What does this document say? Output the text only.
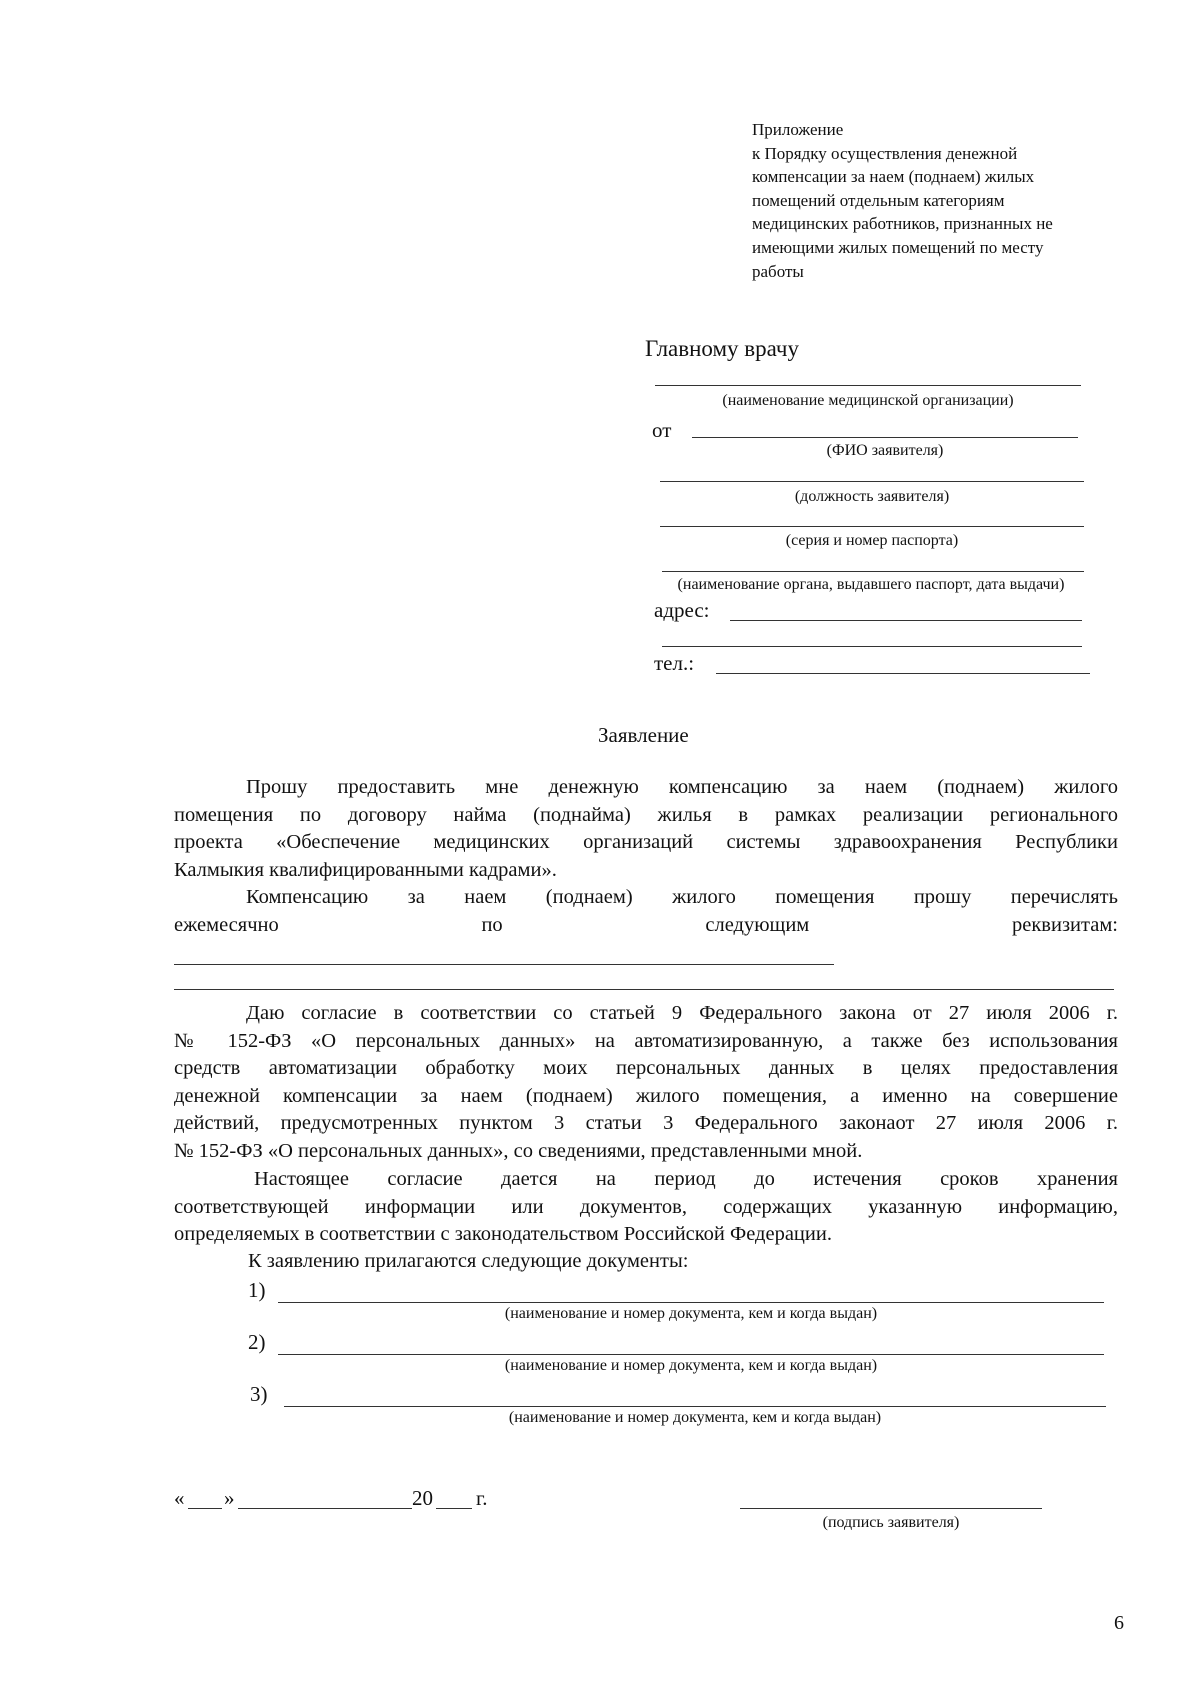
Приложение
к Порядку осуществления денежной
компенсации за наем (поднаем) жилых
помещений отдельным категориям
медицинских работников, признанных не
имеющими жилых помещений по месту
работы
Главному врачу
(наименование медицинской организации)
от
(ФИО заявителя)
(должность заявителя)
(серия и номер паспорта)
(наименование органа, выдавшего паспорт, дата выдачи)
адрес:
тел.:
Заявление
Прошу предоставить мне денежную компенсацию за наем (поднаем) жилого
помещения по договору найма (поднайма) жилья в рамках реализации регионального
проекта «Обеспечение медицинских организаций системы здравоохранения Республики
Калмыкия квалифицированными кадрами».
Компенсацию за наем (поднаем) жилого помещения прошу перечислять
ежемесячно по следующим реквизитам:
Даю согласие в соответствии со статьей 9 Федерального закона от 27 июля 2006 г.
№ 152-ФЗ «О персональных данных» на автоматизированную, а также без использования
средств автоматизации обработку моих персональных данных в целях предоставления
денежной компенсации за наем (поднаем) жилого помещения, а именно на совершение
действий, предусмотренных пунктом 3 статьи 3 Федерального законаот 27 июля 2006 г.
№ 152-ФЗ «О персональных данных», со сведениями, представленными мной.
Настоящее согласие дается на период до истечения сроков хранения
соответствующей информации или документов, содержащих указанную информацию,
определяемых в соответствии с законодательством Российской Федерации.
К заявлению прилагаются следующие документы:
1)
(наименование и номер документа, кем и когда выдан)
2)
(наименование и номер документа, кем и когда выдан)
3)
(наименование и номер документа, кем и когда выдан)
« »	20 г.
(подпись заявителя)
6
